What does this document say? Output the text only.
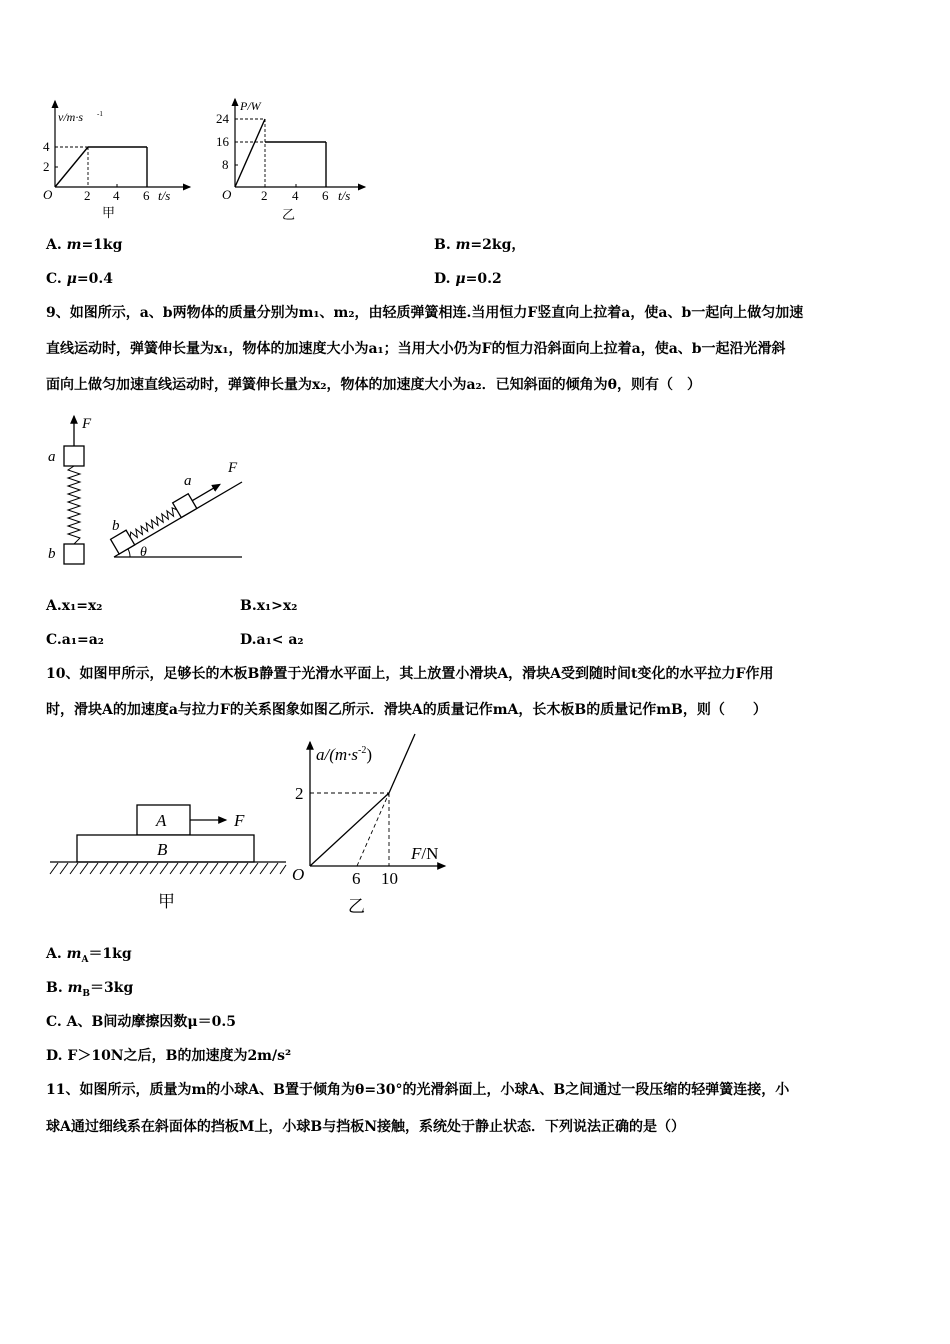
v/m·s -1
4
2
O 2 4 6 t/s
甲
P/W
24
16
8
O 2 4 6 t/s
乙
A. m=1kg	B. m=2kg，
C. μ=0.4	D. μ=0.2
9、如图所示，a、b两物体的质量分别为m₁、m₂，由轻质弹簧相连.当用恒力F竖直向上拉着a，使a、b一起向上做匀加速
直线运动时，弹簧伸长量为x₁，物体的加速度大小为a₁；当用大小仍为F的恒力沿斜面向上拉着a，使a、b一起沿光滑斜
面向上做匀加速直线运动时，弹簧伸长量为x₂，物体的加速度大小为a₂．已知斜面的倾角为θ，则有（　）
F
a
b	θ
a
F
b
A.x₁=x₂	B.x₁>x₂
C.a₁=a₂	D.a₁< a₂
10、如图甲所示，足够长的木板B静置于光滑水平面上，其上放置小滑块A，滑块A受到随时间t变化的水平拉力F作用
时，滑块A的加速度a与拉力F的关系图象如图乙所示．滑块A的质量记作mA，长木板B的质量记作mB，则（　　）
A	F
B
甲
$a/(m\cdot s^{-2})$
2
O	6 10
F/N
乙
A. $m_A=1kg$
B. $m_B=3kg$
C. A、B间动摩擦因数μ＝0.5
D. F＞10N之后，B的加速度为2m/s²
11、如图所示，质量为m的小球A、B置于倾角为θ=30°的光滑斜面上，小球A、B之间通过一段压缩的轻弹簧连接，小
球A通过细线系在斜面体的挡板M上，小球B与挡板N接触，系统处于静止状态．下列说法正确的是（）
